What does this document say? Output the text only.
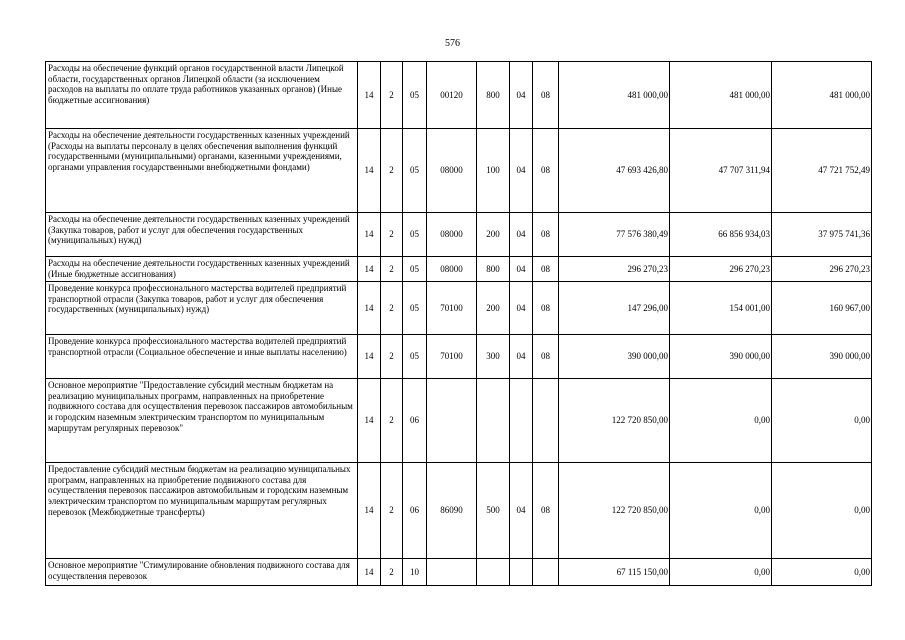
576
Расходы на обеспечение функций органов государственной власти Липецкой области, государственных органов Липецкой области (за исключением расходов на выплаты по оплате труда работников указанных органов) (Иные бюджетные ассигнования)	14	2	05	00120	800	04	08	481 000,00	481 000,00	481 000,00
Расходы на обеспечение деятельности государственных казенных учреждений (Расходы на выплаты персоналу в целях обеспечения выполнения функций государственными (муниципальными) органами, казенными учреждениями, органами управления государственными внебюджетными фондами)	14	2	05	08000	100	04	08	47 693 426,80	47 707 311,94	47 721 752,49
Расходы на обеспечение деятельности государственных казенных учреждений (Закупка товаров, работ и услуг для обеспечения государственных (муниципальных) нужд)	14	2	05	08000	200	04	08	77 576 380,49	66 856 934,03	37 975 741,36
Расходы на обеспечение деятельности государственных казенных учреждений (Иные бюджетные ассигнования)	14	2	05	08000	800	04	08	296 270,23	296 270,23	296 270,23
Проведение конкурса профессионального мастерства водителей предприятий транспортной отрасли (Закупка товаров, работ и услуг для обеспечения государственных (муниципальных) нужд)	14	2	05	70100	200	04	08	147 296,00	154 001,00	160 967,00
Проведение конкурса профессионального мастерства водителей предприятий транспортной отрасли (Социальное обеспечение и иные выплаты населению)	14	2	05	70100	300	04	08	390 000,00	390 000,00	390 000,00
Основное мероприятие "Предоставление субсидий местным бюджетам на реализацию муниципальных программ, направленных на приобретение подвижного состава для осуществления перевозок пассажиров автомобильным и городским наземным электрическим транспортом по муниципальным маршрутам регулярных перевозок"	14	2	06					122 720 850,00	0,00	0,00
Предоставление субсидий местным бюджетам на реализацию муниципальных программ, направленных на приобретение подвижного состава для осуществления перевозок пассажиров автомобильным и городским наземным электрическим транспортом по муниципальным маршрутам регулярных перевозок (Межбюджетные трансферты)	14	2	06	86090	500	04	08	122 720 850,00	0,00	0,00
Основное мероприятие "Стимулирование обновления подвижного состава для осуществления перевозок	14	2	10					67 115 150,00	0,00	0,00
